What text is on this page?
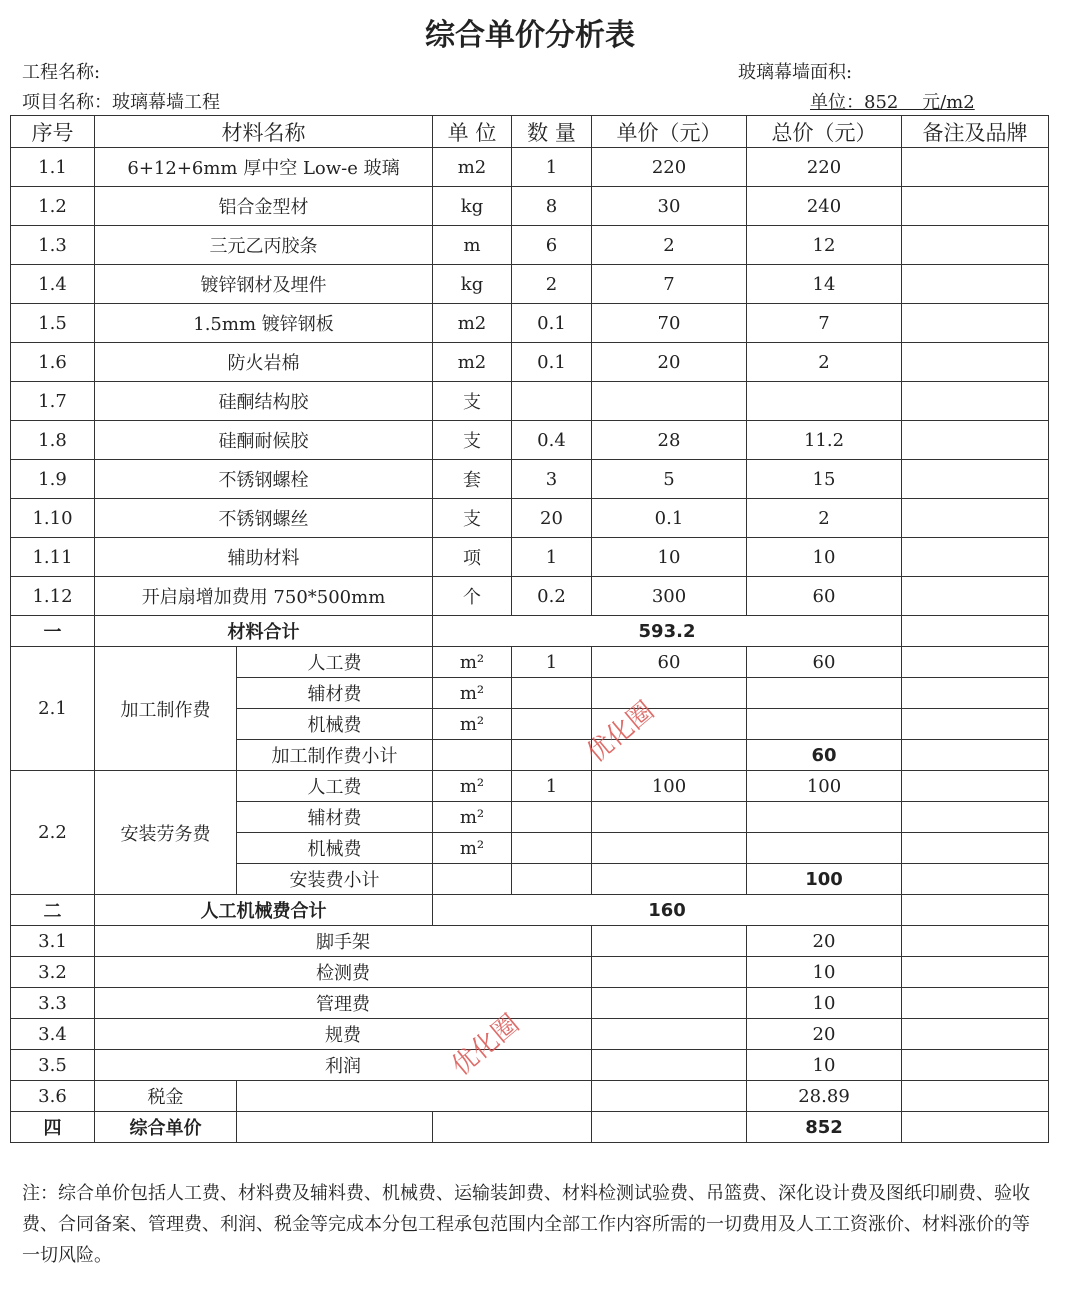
综合单价分析表
工程名称:	玻璃幕墙面积:
项目名称：玻璃幕墙工程	单位：852　 元/m2
序号	材料名称		单 位	数 量	单价（元）	总价（元）	备注及品牌
1.1	6+12+6mm 厚中空 Low-e 玻璃		m2	1	220	220	
1.2	铝合金型材		kg	8	30	240	
1.3	三元乙丙胶条		m	6	2	12	
1.4	镀锌钢材及埋件		kg	2	7	14	
1.5	1.5mm 镀锌钢板		m2	0.1	70	7	
1.6	防火岩棉		m2	0.1	20	2	
1.7	硅酮结构胶		支				
1.8	硅酮耐候胶		支	0.4	28	11.2	
1.9	不锈钢螺栓		套	3	5	15	
1.10	不锈钢螺丝		支	20	0.1	2	
1.11	辅助材料		项	1	10	10	
1.12	开启扇增加费用 750*500mm		个	0.2	300	60	
一	材料合计		593.2				
2.1	加工制作费	人工费	m²	1	60	60	
		辅材费	m²				
		机械费	m²				
		加工制作费小计				60	
2.2	安装劳务费	人工费	m²	1	100	100	
		辅材费	m²				
		机械费	m²				
		安装费小计				100	
二	人工机械费合计		160				
3.1	脚手架					20	
3.2	检测费					10	
3.3	管理费					10	
3.4	规费					20	
3.5	利润					10	
3.6	税金					28.89	
四	综合单价					852	
优化圈
优化圈
注：综合单价包括人工费、材料费及辅料费、机械费、运输装卸费、材料检测试验费、吊篮费、深化设计费及图纸印刷费、验收费、合同备案、管理费、利润、税金等完成本分包工程承包范围内全部工作内容所需的一切费用及人工工资涨价、材料涨价的等一切风险。
